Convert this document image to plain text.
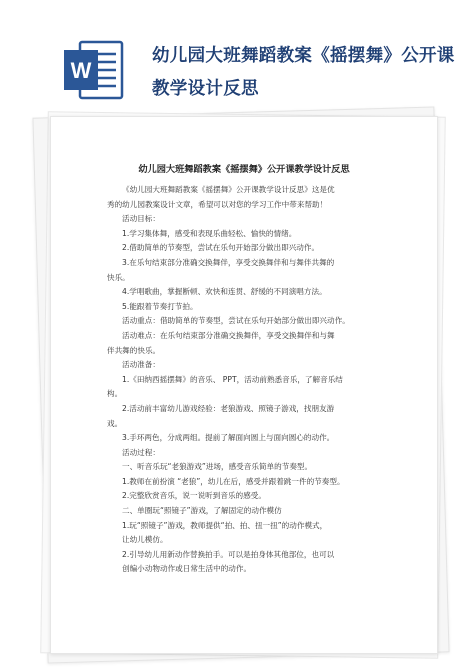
W
幼儿园大班舞蹈教案《摇摆舞》公开课教学设计反思
幼儿园大班舞蹈教案《摇摆舞》公开课教学设计反思

《幼儿园大班舞蹈教案《摇摆舞》公开课教学设计反思》这是优

秀的幼儿园教案设计文章，希望可以对您的学习工作中带来帮助！

活动目标：

1.学习集体舞，感受和表现乐曲轻松、愉快的情绪。

2.借助简单的节奏型，尝试在乐句开始部分做出即兴动作。

3.在乐句结束部分准确交换舞伴，享受交换舞伴和与舞伴共舞的

快乐。

4.学唱歌曲，掌握断顿、欢快和连贯、舒缓的不同演唱方法。

5.能跟着节奏打节拍。

活动重点：借助简单的节奏型，尝试在乐句开始部分做出即兴动作。

活动难点：在乐句结束部分准确交换舞伴，享受交换舞伴和与舞

伴共舞的快乐。

活动准备：

1.《田纳西摇摆舞》的音乐、 PPT，活动前熟悉音乐，了解音乐结

构。

2.活动前丰富幼儿游戏经验：老狼游戏、照镜子游戏，找朋友游

戏。

3.手环两色，分成两组。提前了解面向圆上与面向圆心的动作。

活动过程：

一、听音乐玩“老狼游戏”进场，感受音乐简单的节奏型。

1.教师在前扮演 “老狼”，幼儿在后，感受并跟着跳一件的节奏型。

2.完整欣赏音乐，说一说听到音乐的感受。

二、单圈玩“照镜子”游戏，了解固定的动作模仿

1.玩“照镜子”游戏，教师提供“拍、拍、扭一扭”的动作模式，

让幼儿模仿。

2.引导幼儿用新动作替换拍手。可以是拍身体其他部位，也可以

创编小动物动作或日常生活中的动作。
